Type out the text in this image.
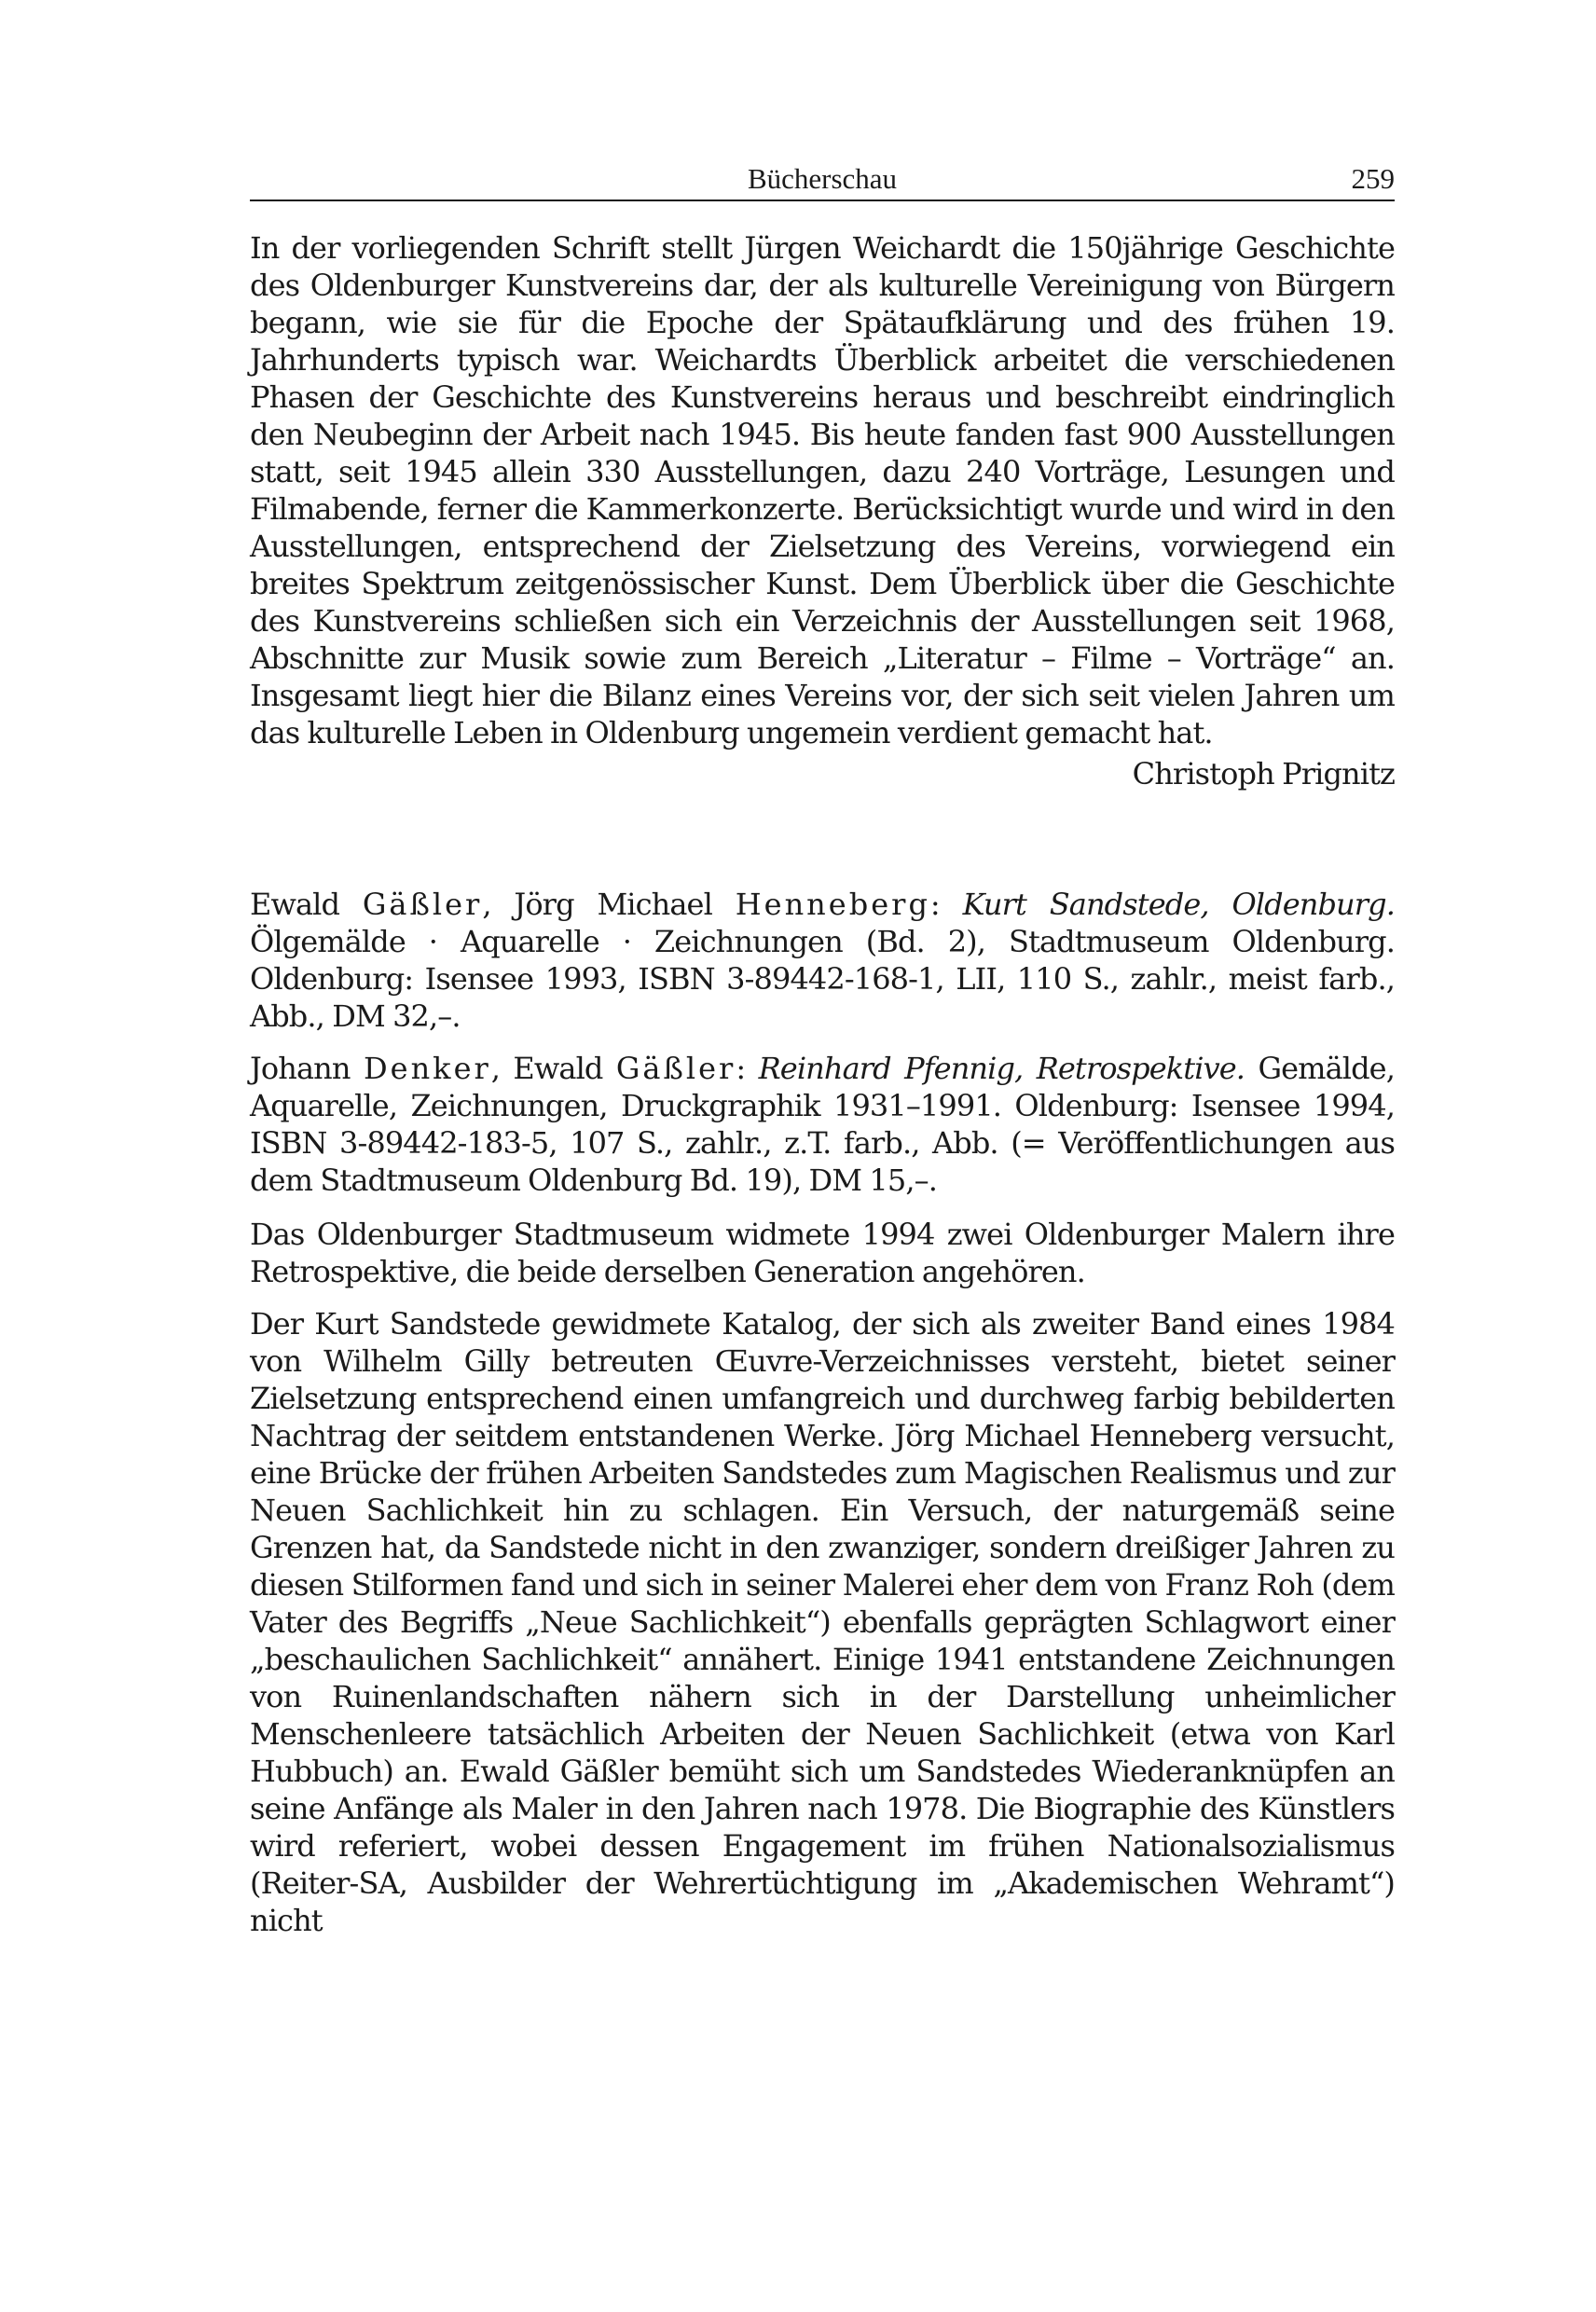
Bücherschau	259

In der vorliegenden Schrift stellt Jürgen Weichardt die 150jährige Geschichte des Oldenburger Kunstvereins dar, der als kulturelle Vereinigung von Bürgern begann, wie sie für die Epoche der Spätaufklärung und des frühen 19. Jahrhunderts typisch war. Weichardts Überblick arbeitet die verschiedenen Phasen der Geschichte des Kunstvereins heraus und beschreibt eindringlich den Neubeginn der Arbeit nach 1945. Bis heute fanden fast 900 Ausstellungen statt, seit 1945 allein 330 Ausstellungen, dazu 240 Vorträge, Lesungen und Filmabende, ferner die Kammerkonzerte. Berücksichtigt wurde und wird in den Ausstellungen, entsprechend der Zielsetzung des Vereins, vorwiegend ein breites Spektrum zeitgenössischer Kunst. Dem Überblick über die Geschichte des Kunstvereins schließen sich ein Verzeichnis der Ausstellungen seit 1968, Abschnitte zur Musik sowie zum Bereich „Literatur – Filme – Vorträge“ an. Insgesamt liegt hier die Bilanz eines Vereins vor, der sich seit vielen Jahren um das kulturelle Leben in Oldenburg ungemein verdient gemacht hat.

Christoph Prignitz

Ewald Gäßler, Jörg Michael Henneberg: Kurt Sandstede, Oldenburg. Ölgemälde · Aquarelle · Zeichnungen (Bd. 2), Stadtmuseum Oldenburg. Oldenburg: Isensee 1993, ISBN 3-89442-168-1, LII, 110 S., zahlr., meist farb., Abb., DM 32,–.

Johann Denker, Ewald Gäßler: Reinhard Pfennig, Retrospektive. Gemälde, Aquarelle, Zeichnungen, Druckgraphik 1931–1991. Oldenburg: Isensee 1994, ISBN 3-89442-183-5, 107 S., zahlr., z.T. farb., Abb. (= Veröffentlichungen aus dem Stadtmuseum Oldenburg Bd. 19), DM 15,–.

Das Oldenburger Stadtmuseum widmete 1994 zwei Oldenburger Malern ihre Retrospektive, die beide derselben Generation angehören.

Der Kurt Sandstede gewidmete Katalog, der sich als zweiter Band eines 1984 von Wilhelm Gilly betreuten Œuvre-Verzeichnisses versteht, bietet seiner Zielsetzung entsprechend einen umfangreich und durchweg farbig bebilderten Nachtrag der seitdem entstandenen Werke. Jörg Michael Henneberg versucht, eine Brücke der frühen Arbeiten Sandstedes zum Magischen Realismus und zur Neuen Sachlichkeit hin zu schlagen. Ein Versuch, der naturgemäß seine Grenzen hat, da Sandstede nicht in den zwanziger, sondern dreißiger Jahren zu diesen Stilformen fand und sich in seiner Malerei eher dem von Franz Roh (dem Vater des Begriffs „Neue Sachlichkeit“) ebenfalls geprägten Schlagwort einer „beschaulichen Sachlichkeit“ annähert. Einige 1941 entstandene Zeichnungen von Ruinenlandschaften nähern sich in der Darstellung unheimlicher Menschenleere tatsächlich Arbeiten der Neuen Sachlichkeit (etwa von Karl Hubbuch) an. Ewald Gäßler bemüht sich um Sandstedes Wiederanknüpfen an seine Anfänge als Maler in den Jahren nach 1978. Die Biographie des Künstlers wird referiert, wobei dessen Engagement im frühen Nationalsozialismus (Reiter-SA, Ausbilder der Wehrertüchtigung im „Akademischen Wehramt“) nicht
